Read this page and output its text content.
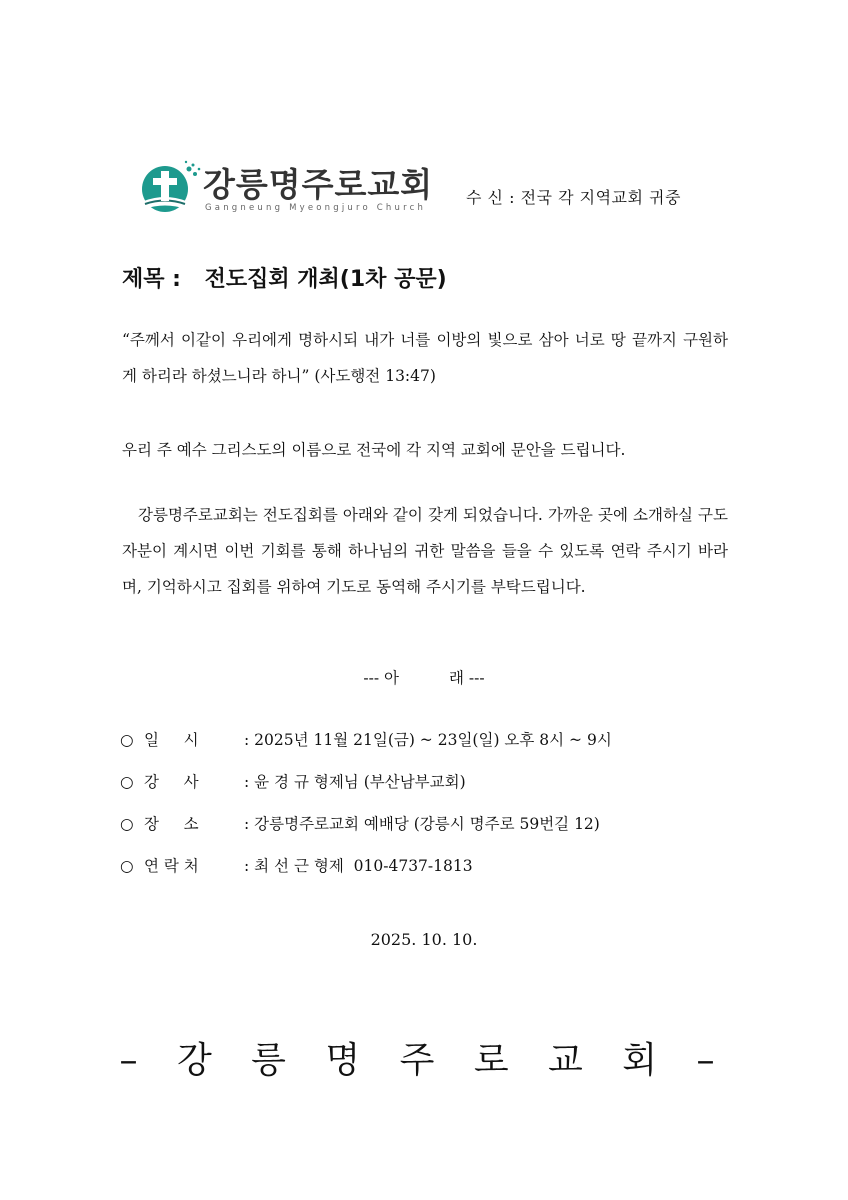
강릉명주로교회
Gangneung Myeongjuro Church
수 신 : 전국 각 지역교회 귀중
제목 : 전도집회 개최(1차 공문)
“주께서 이같이 우리에게 명하시되 내가 너를 이방의 빛으로 삼아 너로 땅 끝까지 구원하게 하리라 하셨느니라 하니” (사도행전 13:47)
우리 주 예수 그리스도의 이름으로 전국에 각 지역 교회에 문안을 드립니다.
강릉명주로교회는 전도집회를 아래와 같이 갖게 되었습니다. 가까운 곳에 소개하실 구도자분이 계시면 이번 기회를 통해 하나님의 귀한 말씀을 들을 수 있도록 연락 주시기 바라며, 기억하시고 집회를 위하여 기도로 동역해 주시기를 부탁드립니다.
--- 아	래 ---
○ 일     시	: 2025년 11월 21일(금) ~ 23일(일) 오후 8시 ~ 9시
○ 강     사	: 윤 경 규 형제님 (부산남부교회)
○ 장     소	: 강릉명주로교회 예배당 (강릉시 명주로 59번길 12)
○ 연 락 처	: 최 선 근 형제  010-4737-1813
2025. 10. 10.
– 강 릉 명 주 로 교 회 –
